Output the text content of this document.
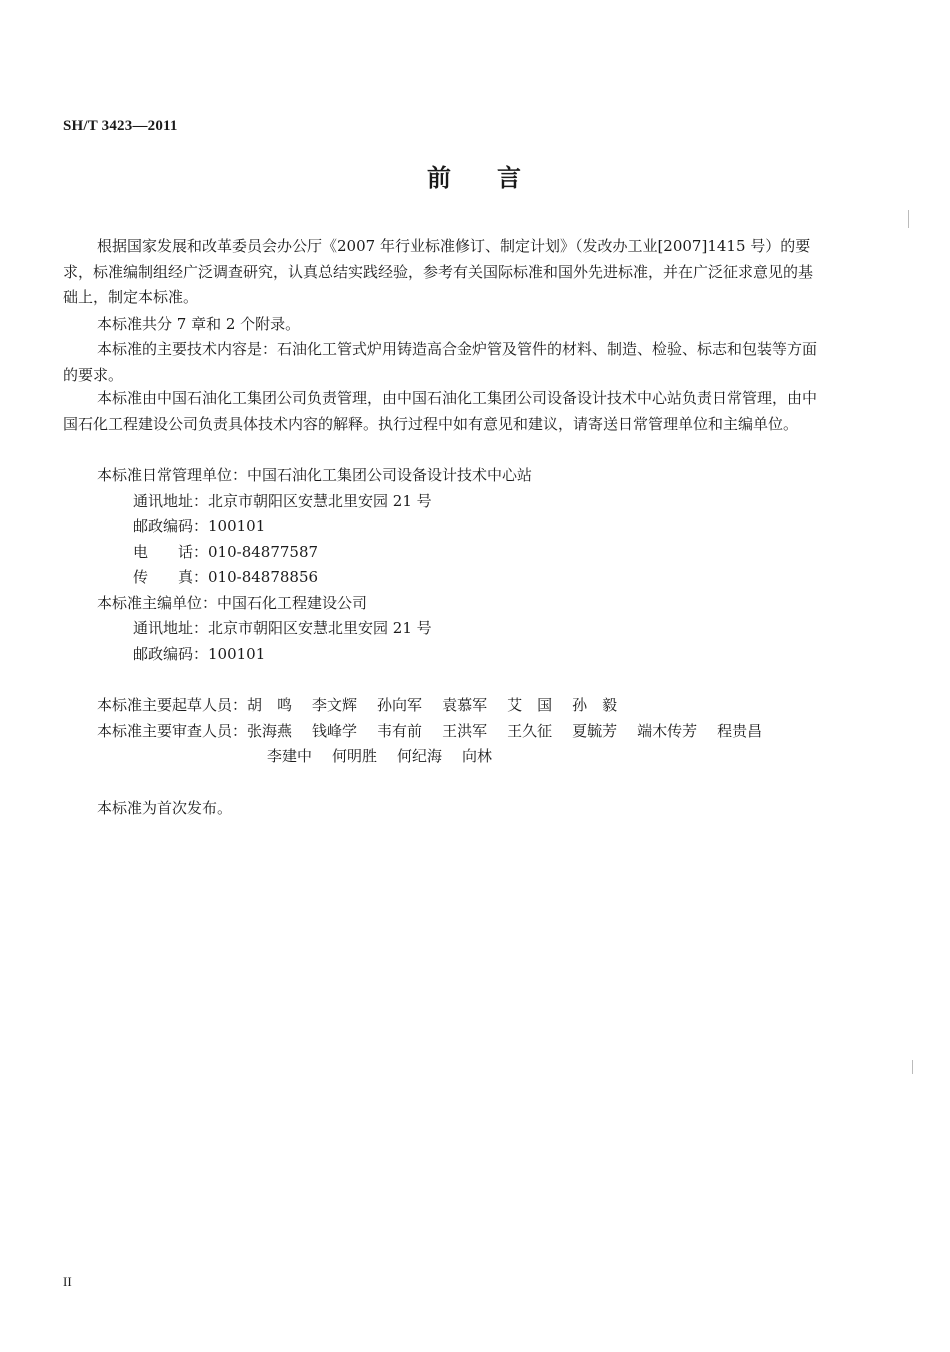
SH/T 3423—2011
前 言
根据国家发展和改革委员会办公厅《2007 年行业标准修订、制定计划》（发改办工业[2007]1415 号）的要求，标准编制组经广泛调查研究，认真总结实践经验，参考有关国际标准和国外先进标准，并在广泛征求意见的基础上，制定本标准。
本标准共分 7 章和 2 个附录。
本标准的主要技术内容是：石油化工管式炉用铸造高合金炉管及管件的材料、制造、检验、标志和包装等方面的要求。
本标准由中国石油化工集团公司负责管理，由中国石油化工集团公司设备设计技术中心站负责日常管理，由中国石化工程建设公司负责具体技术内容的解释。执行过程中如有意见和建议，请寄送日常管理单位和主编单位。
本标准日常管理单位：中国石油化工集团公司设备设计技术中心站
通讯地址：北京市朝阳区安慧北里安园 21 号
邮政编码：100101
电　　话：010-84877587
传　　真：010-84878856
本标准主编单位：中国石化工程建设公司
通讯地址：北京市朝阳区安慧北里安园 21 号
邮政编码：100101
本标准主要起草人员： 胡　鸣 李文辉 孙向军 袁慕军 艾　国 孙　毅
本标准主要审查人员： 张海燕 钱峰学 韦有前 王洪军 王久征 夏毓芳 端木传芳 程贵昌
李建中 何明胜 何纪海 向林
本标准为首次发布。
II
